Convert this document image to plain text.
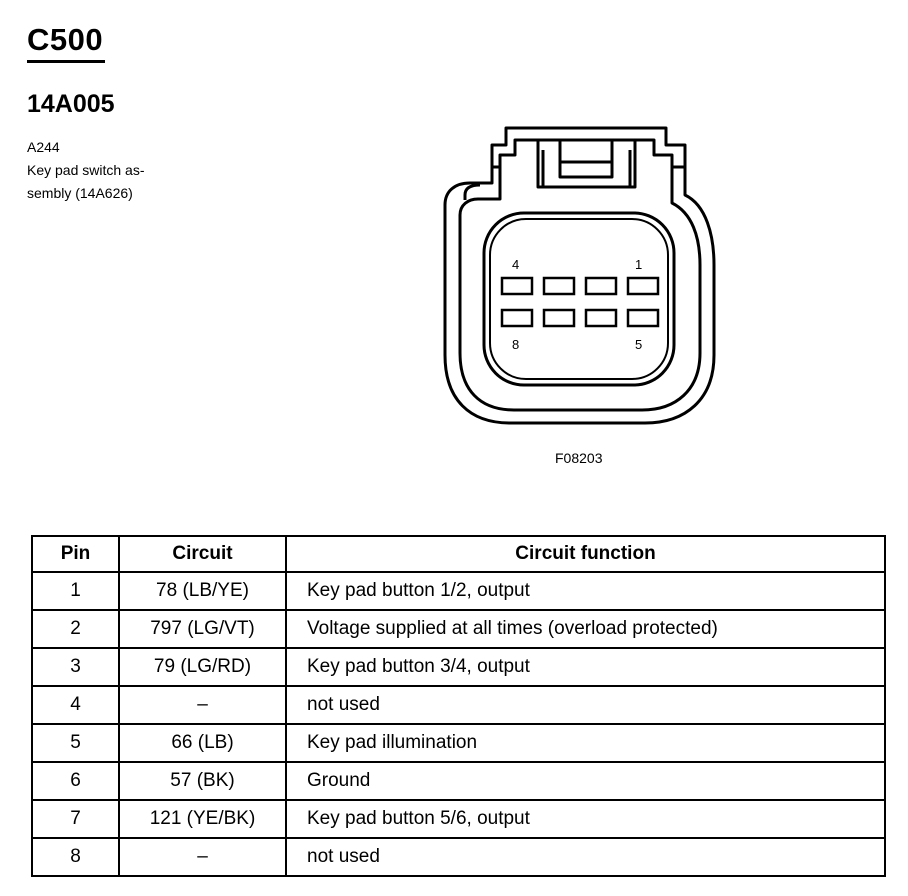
C500
14A005
A244
Key pad switch as-
sembly (14A626)
4	1
8	5
F08203
Pin	Circuit	Circuit function
1	78 (LB/YE)	Key pad button 1/2, output
2	797 (LG/VT)	Voltage supplied at all times (overload protected)
3	79 (LG/RD)	Key pad button 3/4, output
4	–	not used
5	66 (LB)	Key pad illumination
6	57 (BK)	Ground
7	121 (YE/BK)	Key pad button 5/6, output
8	–	not used
